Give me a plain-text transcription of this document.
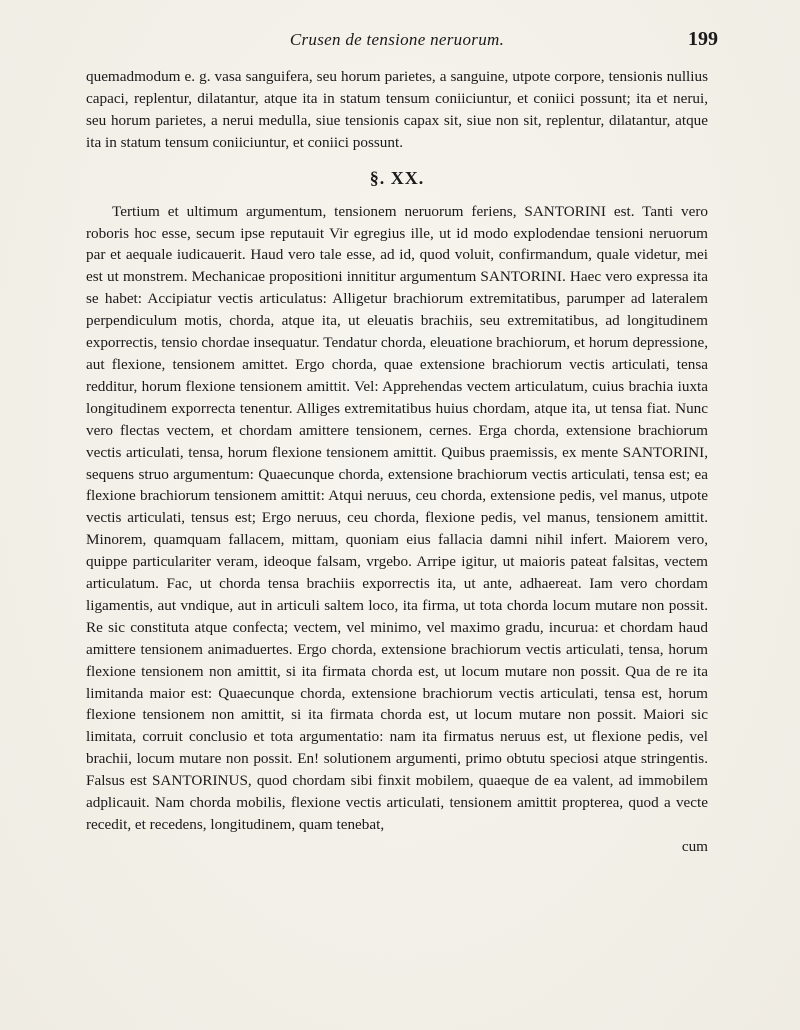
Crusen de tensione neruorum.	199

quemadmodum e. g. vasa sanguifera, seu horum parietes, a sanguine, utpote corpore, tensionis nullius capaci, replentur, dilatantur, atque ita in statum tensum coniiciuntur, et coniici possunt; ita et nerui, seu horum parietes, a nerui medulla, siue tensionis capax sit, siue non sit, replentur, dilatantur, atque ita in statum tensum coniiciuntur, et coniici possunt.

§. XX.

Tertium et ultimum argumentum, tensionem neruorum feriens, SANTORINI est. Tanti vero roboris hoc esse, secum ipse reputauit Vir egregius ille, ut id modo explodendae tensioni neruorum par et aequale iudicauerit. Haud vero tale esse, ad id, quod voluit, confirmandum, quale videtur, mei est ut monstrem. Mechanicae propositioni innititur argumentum SANTORINI. Haec vero expressa ita se habet: Accipiatur vectis articulatus: Alligetur brachiorum extremitatibus, parumper ad lateralem perpendiculum motis, chorda, atque ita, ut eleuatis brachiis, seu extremitatibus, ad longitudinem exporrectis, tensio chordae insequatur. Tendatur chorda, eleuatione brachiorum, et horum depressione, aut flexione, tensionem amittet. Ergo chorda, quae extensione brachiorum vectis articulati, tensa redditur, horum flexione tensionem amittit. Vel: Apprehendas vectem articulatum, cuius brachia iuxta longitudinem exporrecta tenentur. Alliges extremitatibus huius chordam, atque ita, ut tensa fiat. Nunc vero flectas vectem, et chordam amittere tensionem, cernes. Erga chorda, extensione brachiorum vectis articulati, tensa, horum flexione tensionem amittit. Quibus praemissis, ex mente SANTORINI, sequens struo argumentum: Quaecunque chorda, extensione brachiorum vectis articulati, tensa est; ea flexione brachiorum tensionem amittit: Atqui neruus, ceu chorda, extensione pedis, vel manus, utpote vectis articulati, tensus est; Ergo neruus, ceu chorda, flexione pedis, vel manus, tensionem amittit. Minorem, quamquam fallacem, mittam, quoniam eius fallacia damni nihil infert. Maiorem vero, quippe particulariter veram, ideoque falsam, vrgebo. Arripe igitur, ut maioris pateat falsitas, vectem articulatum. Fac, ut chorda tensa brachiis exporrectis ita, ut ante, adhaereat. Iam vero chordam ligamentis, aut vndique, aut in articuli saltem loco, ita firma, ut tota chorda locum mutare non possit. Re sic constituta atque confecta; vectem, vel minimo, vel maximo gradu, incurua: et chordam haud amittere tensionem animaduertes. Ergo chorda, extensione brachiorum vectis articulati, tensa, horum flexione tensionem non amittit, si ita firmata chorda est, ut locum mutare non possit. Qua de re ita limitanda maior est: Quaecunque chorda, extensione brachiorum vectis articulati, tensa est, horum flexione tensionem non amittit, si ita firmata chorda est, ut locum mutare non possit. Maiori sic limitata, corruit conclusio et tota argumentatio: nam ita firmatus neruus est, ut flexione pedis, vel brachii, locum mutare non possit. En! solutionem argumenti, primo obtutu speciosi atque stringentis. Falsus est SANTORINUS, quod chordam sibi finxit mobilem, quaeque de ea valent, ad immobilem adplicauit. Nam chorda mobilis, flexione vectis articulati, tensionem amittit propterea, quod a vecte recedit, et recedens, longitudinem, quam tenebat,

cum
